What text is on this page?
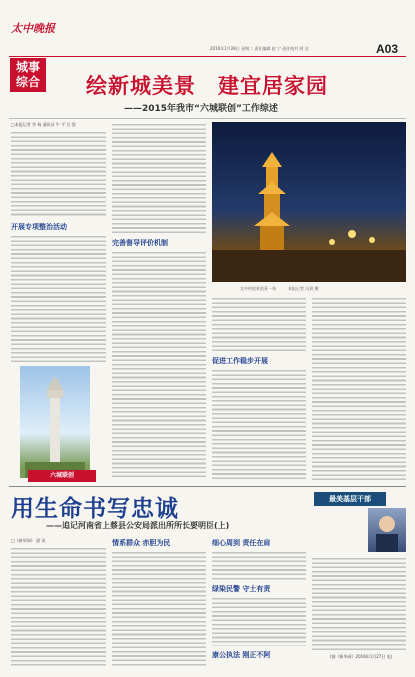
太中晚报
2016年1月28日 星期二 责任编辑 赵 宁 责任校对 阿 洁	A03
城事
综合 绘新城美景　建宜居家园
——2015年我市“六城联创”工作综述
□本报记者 李 杨 通讯员 牛 平 吕 强
开展专项整治活动
六城联创
完善督导评价机制
太中村夜景夜景一角　　　本报记者 冯玥 摄
促进工作稳步开展
用生命书写忠诚
——追记河南省上蔡县公安局派出所所长要明臣(上)
最美基层干部
□《新华网》 通 讯	情系群众 赤胆为民	细心周到 责任在肩
绿染民警 守土有责
康公执法 刚正不阿	(据《新华网》2016年1月27日 电)
